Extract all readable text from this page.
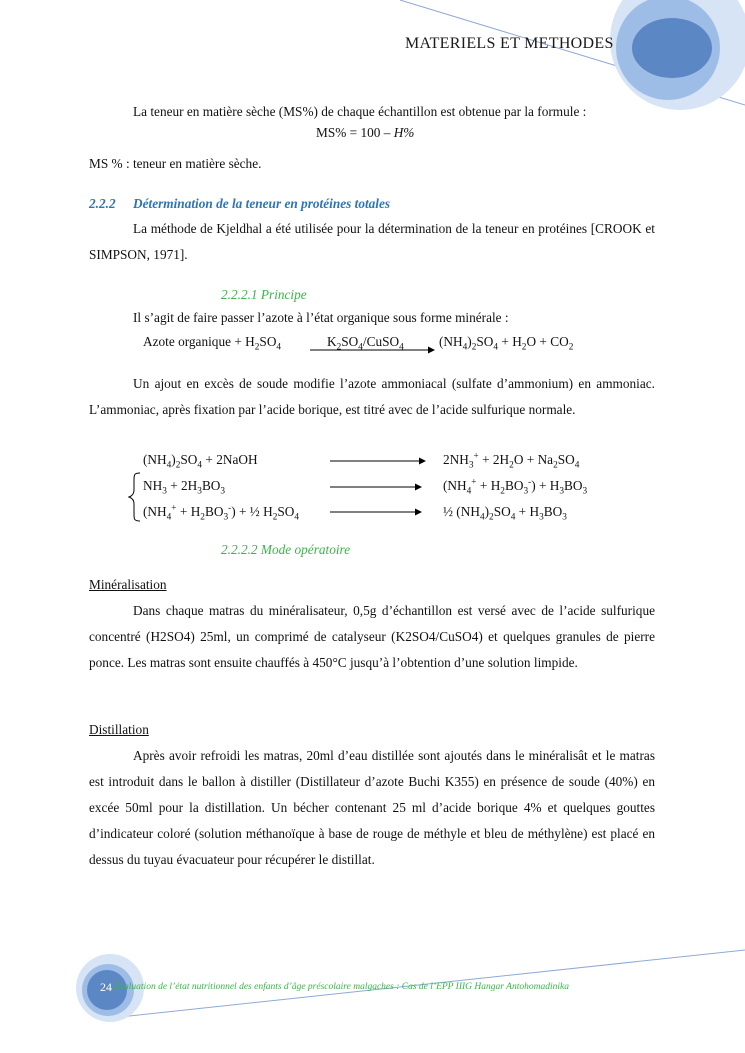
MATERIELS ET METHODES
La teneur en matière sèche (MS%) de chaque échantillon est obtenue par la formule :
MS% = 100 – H%
MS % : teneur en matière sèche.
2.2.2 Détermination de la teneur en protéines totales
La méthode de Kjeldhal a été utilisée pour la détermination de la teneur en protéines [CROOK et SIMPSON, 1971].
2.2.2.1 Principe
Il s’agit de faire passer l’azote à l’état organique sous forme minérale :
Azote organique + $H_2SO_4$	$K_2SO_4/CuSO_4$	$(NH_4)_2SO_4 + H_2O + CO_2$
Un ajout en excès de soude modifie l’azote ammoniacal (sulfate d’ammonium) en ammoniac. L’ammoniac, après fixation par l’acide borique, est titré avec de l’acide sulfurique normale.
$(NH_4)_2SO_4$ + 2NaOH	$2NH_3^+ + 2H_2O + Na_2SO_4$
$NH_3 + 2H_3BO_3$	$(NH_4^+ + H_2BO_3^-) + H_3BO_3$
$(NH_4^+ + H_2BO_3^-)$ + ½ $H_2SO_4$	½ $(NH_4)_2SO_4 + H_3BO_3$
2.2.2.2 Mode opératoire
Minéralisation
Dans chaque matras du minéralisateur, 0,5g d’échantillon est versé avec de l’acide sulfurique concentré (H2SO4) 25ml, un comprimé de catalyseur (K2SO4/CuSO4) et quelques granules de pierre ponce. Les matras sont ensuite chauffés à 450°C jusqu’à l’obtention d’une solution limpide.
Distillation
Après avoir refroidi les matras, 20ml d’eau distillée sont ajoutés dans le minéralisât et le matras est introduit dans le ballon à distiller (Distillateur d’azote Buchi K355) en présence de soude (40%) en excée 50ml pour la distillation. Un bécher contenant 25 ml d’acide borique 4% et quelques gouttes d’indicateur coloré (solution méthanoïque à base de rouge de méthyle et bleu de méthylène) est placé en dessus du tuyau évacuateur pour récupérer le distillat.
24 Evaluation de l’état nutritionnel des enfants d’âge préscolaire malgaches : Cas de l’EPP IIIG Hangar Antohomadinika
